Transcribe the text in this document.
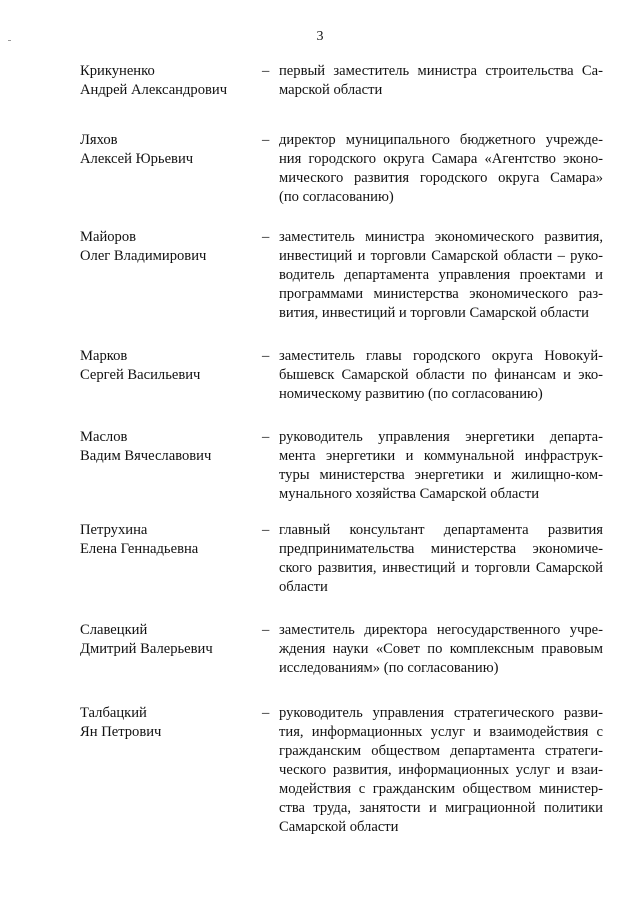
3
Крикуненко
Андрей Александрович
– первый заместитель министра строительства Са-
марской области
Ляхов
Алексей Юрьевич
– директор муниципального бюджетного учрежде-
ния городского округа Самара «Агентство эконо-
мического развития городского округа Самара»
(по согласованию)
Майоров
Олег Владимирович
– заместитель министра экономического развития,
инвестиций и торговли Самарской области – руко-
водитель департамента управления проектами и
программами министерства экономического раз-
вития, инвестиций и торговли Самарской области
Марков
Сергей Васильевич
– заместитель главы городского округа Новокуй-
бышевск Самарской области по финансам и эко-
номическому развитию (по согласованию)
Маслов
Вадим Вячеславович
– руководитель управления энергетики департа-
мента энергетики и коммунальной инфраструк-
туры министерства энергетики и жилищно-ком-
мунального хозяйства Самарской области
Петрухина
Елена Геннадьевна
– главный консультант департамента развития
предпринимательства министерства экономиче-
ского развития, инвестиций и торговли Самарской
области
Славецкий
Дмитрий Валерьевич
– заместитель директора негосударственного учре-
ждения науки «Совет по комплексным правовым
исследованиям» (по согласованию)
Талбацкий
Ян Петрович
– руководитель управления стратегического разви-
тия, информационных услуг и взаимодействия с
гражданским обществом департамента стратеги-
ческого развития, информационных услуг и взаи-
модействия с гражданским обществом министер-
ства труда, занятости и миграционной политики
Самарской области
